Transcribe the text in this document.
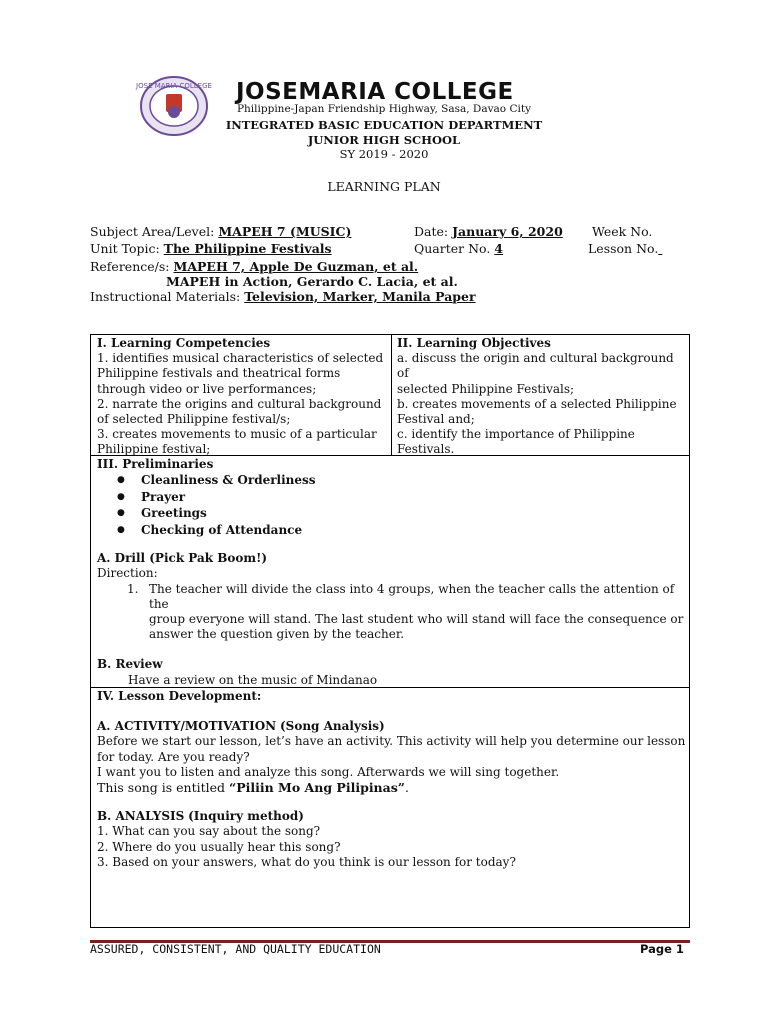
JOSE MARIA COLLEGE JOSEMARIA COLLEGE
Philippine-Japan Friendship Highway, Sasa, Davao City
INTEGRATED BASIC EDUCATION DEPARTMENT
JUNIOR HIGH SCHOOL
SY 2019 - 2020
LEARNING PLAN
Subject Area/Level: MAPEH 7 (MUSIC)	Date: January 6, 2020 Week No.
Unit Topic: The Philippine Festivals	Quarter No. 4	Lesson No.
Reference/s: MAPEH 7, Apple De Guzman, et al.
MAPEH in Action, Gerardo C. Lacia, et al.
Instructional Materials: Television, Marker, Manila Paper
I. Learning Competencies
1. identifies musical characteristics of selected
Philippine festivals and theatrical forms
through video or live performances;
2. narrate the origins and cultural background
of selected Philippine festival/s;
3. creates movements to music of a particular
Philippine festival;
II. Learning Objectives
a. discuss the origin and cultural background of
selected Philippine Festivals;
b. creates movements of a selected Philippine
Festival and;
c. identify the importance of Philippine
Festivals.
III. Preliminaries
● Cleanliness & Orderliness
● Prayer
● Greetings
● Checking of Attendance
A. Drill (Pick Pak Boom!)
Direction:
1. The teacher will divide the class into 4 groups, when the teacher calls the attention of the
group everyone will stand. The last student who will stand will face the consequence or
answer the question given by the teacher.
B. Review
Have a review on the music of Mindanao
IV. Lesson Development:
A. ACTIVITY/MOTIVATION (Song Analysis)
Before we start our lesson, let’s have an activity. This activity will help you determine our lesson
for today. Are you ready?
I want you to listen and analyze this song. Afterwards we will sing together.
This song is entitled “Piliin Mo Ang Pilipinas”.
B. ANALYSIS (Inquiry method)
1. What can you say about the song?
2. Where do you usually hear this song?
3. Based on your answers, what do you think is our lesson for today?
ASSURED, CONSISTENT, AND QUALITY EDUCATION	Page 1
